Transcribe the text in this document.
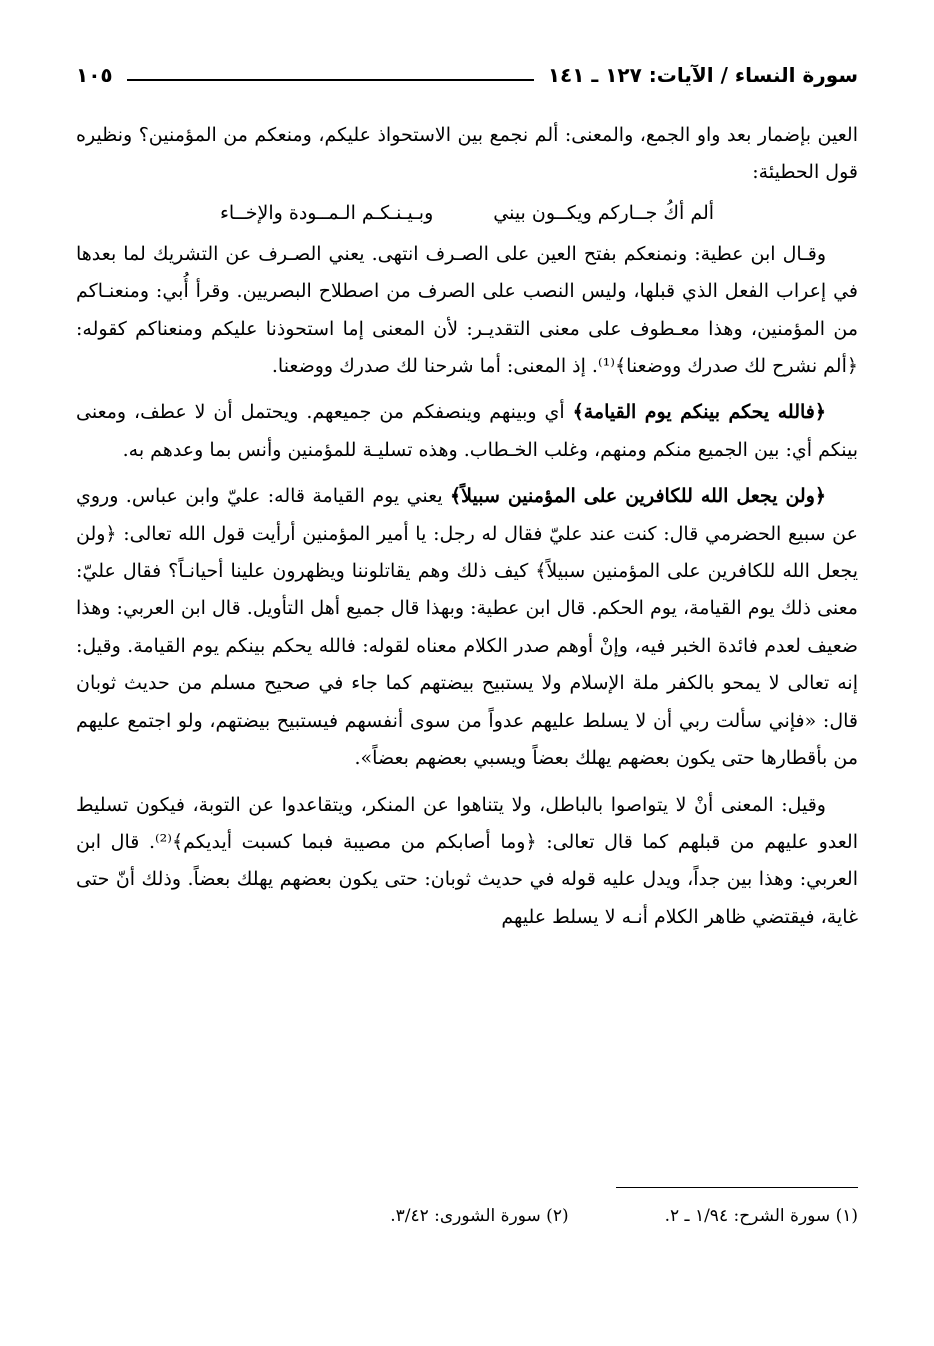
سورة النساء / الآيات: ١٢٧ ـ ١٤١
١٠٥

العين بإضمار بعد واو الجمع، والمعنى: ألم نجمع بين الاستحواذ عليكم، ومنعكم من المؤمنين؟ ونظيره قول الحطيئة:

ألم أكُ جــاركم ويكــون بيني
وبـيـنـكـم الـمــودة والإخــاء

وقـال ابن عطية: ونمنعكم بفتح العين على الصـرف انتهى. يعني الصـرف عن التشريك لما بعدها في إعراب الفعل الذي قبلها، وليس النصب على الصرف من اصطلاح البصريين. وقرأ أُبي: ومنعنـاكم من المؤمنين، وهذا معـطوف على معنى التقديـر: لأن المعنى إما استحوذنا عليكم ومنعناكم كقوله: ﴿ألم نشرح لك صدرك ووضعنا﴾⁽¹⁾. إذ المعنى: أما شرحنا لك صدرك ووضعنا.

﴿فالله يحكم بينكم يوم القيامة﴾ أي وبينهم وينصفكم من جميعهم. ويحتمل أن لا عطف، ومعنى بينكم أي: بين الجميع منكم ومنهم، وغلب الخـطاب. وهذه تسليـة للمؤمنين وأنس بما وعدهم به.

﴿ولن يجعل الله للكافرين على المؤمنين سبيلاً﴾ يعني يوم القيامة قاله: عليّ وابن عباس. وروي عن سبيع الحضرمي قال: كنت عند عليّ فقال له رجل: يا أمير المؤمنين أرأيت قول الله تعالى: ﴿ولن يجعل الله للكافرين على المؤمنين سبيلاً﴾ كيف ذلك وهم يقاتلوننا ويظهرون علينا أحيانـاً؟ فقال عليّ: معنى ذلك يوم القيامة، يوم الحكم. قال ابن عطية: وبهذا قال جميع أهل التأويل. قال ابن العربي: وهذا ضعيف لعدم فائدة الخبر فيه، وإنْ أوهم صدر الكلام معناه لقوله: فالله يحكم بينكم يوم القيامة. وقيل: إنه تعالى لا يمحو بالكفر ملة الإسلام ولا يستبيح بيضتهم كما جاء في صحيح مسلم من حديث ثوبان قال: «فإني سألت ربي أن لا يسلط عليهم عدواً من سوى أنفسهم فيستبيح بيضتهم، ولو اجتمع عليهم من بأقطارها حتى يكون بعضهم يهلك بعضاً ويسبي بعضهم بعضاً».

وقيل: المعنى أنْ لا يتواصوا بالباطل، ولا يتناهوا عن المنكر، ويتقاعدوا عن التوبة، فيكون تسليط العدو عليهم من قبلهم كما قال تعالى: ﴿وما أصابكم من مصيبة فبما كسبت أيديكم﴾⁽²⁾. قال ابن العربي: وهذا بين جداً، ويدل عليه قوله في حديث ثوبان: حتى يكون بعضهم يهلك بعضاً. وذلك أنّ حتى غاية، فيقتضي ظاهر الكلام أنـه لا يسلط عليهم

(١) سورة الشرح: ١/٩٤ ـ ٢.
(٢) سورة الشورى: ٣/٤٢.
